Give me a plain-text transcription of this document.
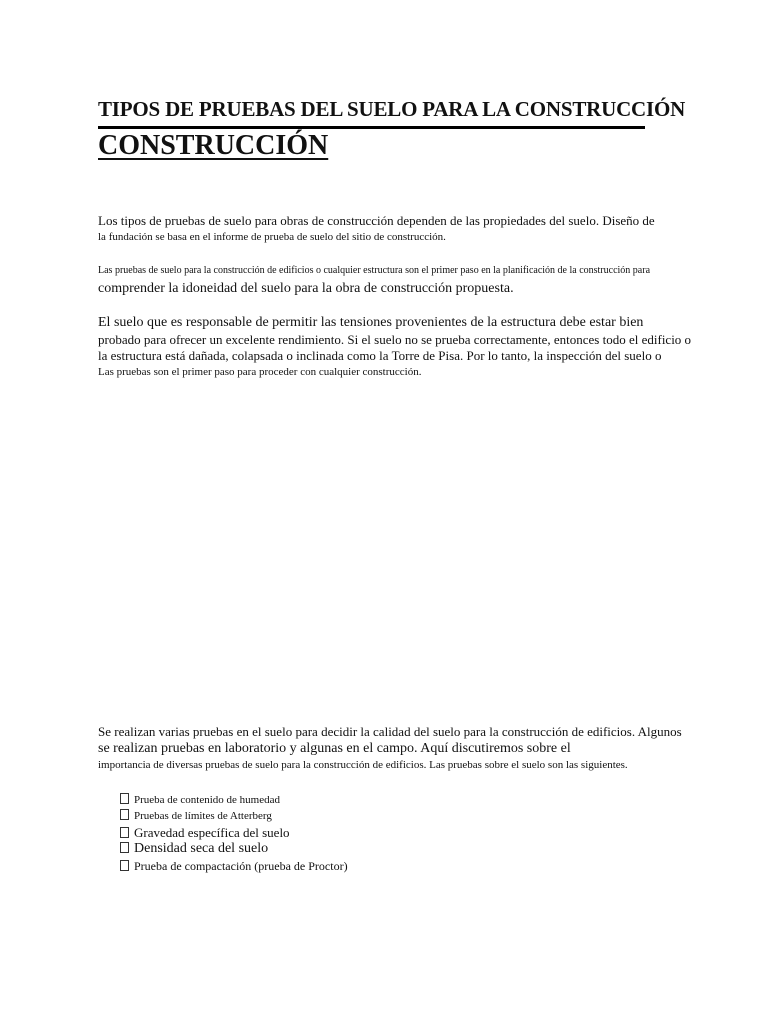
TIPOS DE PRUEBAS DEL SUELO PARA LA CONSTRUCCIÓN
CONSTRUCCIÓN
Los tipos de pruebas de suelo para obras de construcción dependen de las propiedades del suelo. Diseño de
la fundación se basa en el informe de prueba de suelo del sitio de construcción.
Las pruebas de suelo para la construcción de edificios o cualquier estructura son el primer paso en la planificación de la construcción para
comprender la idoneidad del suelo para la obra de construcción propuesta.
El suelo que es responsable de permitir las tensiones provenientes de la estructura debe estar bien
probado para ofrecer un excelente rendimiento. Si el suelo no se prueba correctamente, entonces todo el edificio o
la estructura está dañada, colapsada o inclinada como la Torre de Pisa. Por lo tanto, la inspección del suelo o
Las pruebas son el primer paso para proceder con cualquier construcción.
Se realizan varias pruebas en el suelo para decidir la calidad del suelo para la construcción de edificios. Algunos
se realizan pruebas en laboratorio y algunas en el campo. Aquí discutiremos sobre el
importancia de diversas pruebas de suelo para la construcción de edificios. Las pruebas sobre el suelo son las siguientes.
Prueba de contenido de humedad
Pruebas de límites de Atterberg
Gravedad específica del suelo
Densidad seca del suelo
Prueba de compactación (prueba de Proctor)
